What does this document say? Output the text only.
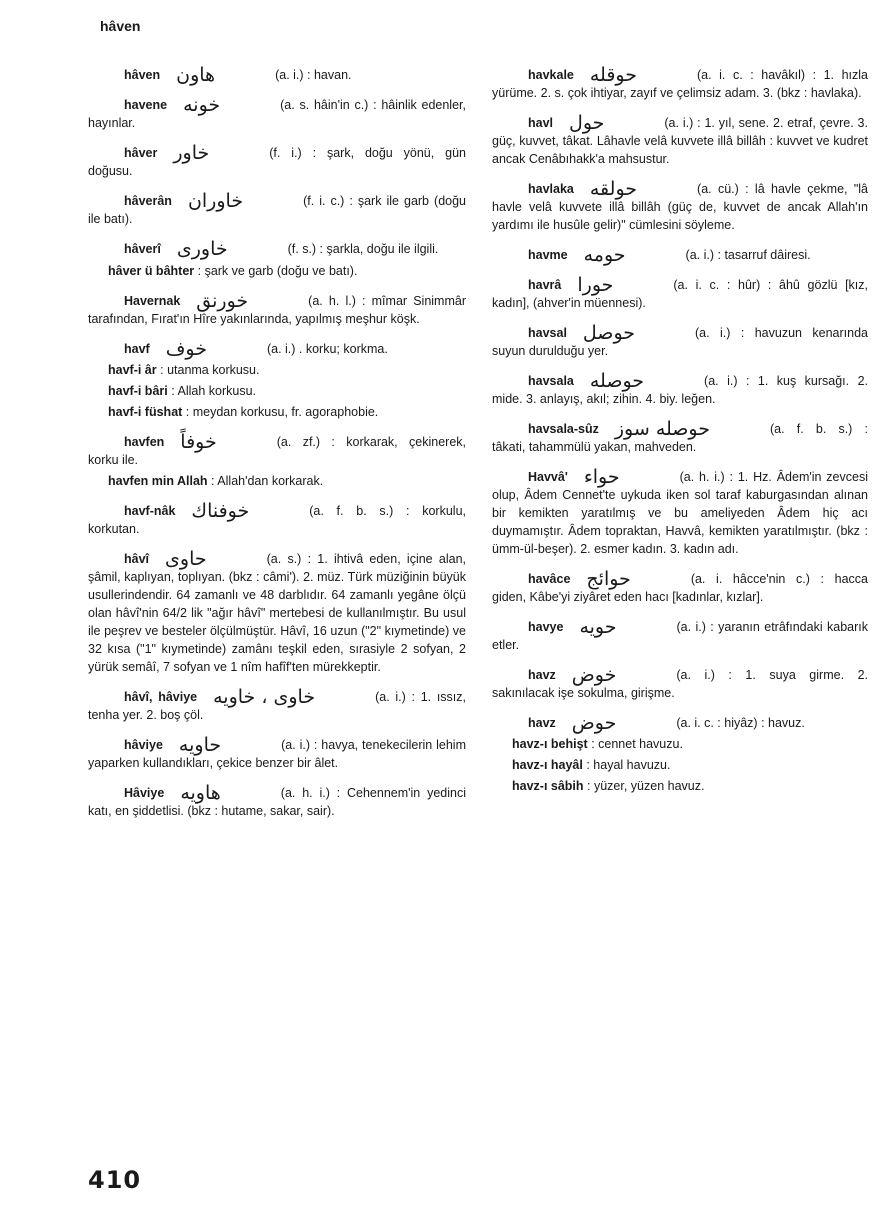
hâven
hâven هاون	(a. i.) : havan.
havene خونه	(a. s. hâin'in c.) : hâinlik edenler, hayınlar.
hâver خاور	(f. i.) : şark, doğu yönü, gün doğusu.
hâverân خاوران	(f. i. c.) : şark ile garb (doğu ile batı).
hâverî خاورى	(f. s.) : şarkla, doğu ile ilgili.
hâver ü bâhter : şark ve garb (doğu ve batı).
Havernak خورنق	(a. h. l.) : mîmar Sinimmâr tarafından, Fırat'ın Hîre yakınlarında, yapılmış meşhur köşk.
havf خوف	(a. i.) . korku; korkma.
havf-i âr : utanma korkusu.
havf-i bâri : Allah korkusu.
havf-i füshat : meydan korkusu, fr. agoraphobie.
havfen خوفاً	(a. zf.) : korkarak, çekinerek, korku ile.
havfen min Allah : Allah'dan korkarak.
havf-nâk خوفناك	(a. f. b. s.) : korkulu, korkutan.
hâvî حاوى	(a. s.) : 1. ihtivâ eden, içine alan, şâmil, kaplıyan, toplıyan. (bkz : câmi'). 2. müz. Türk müziğinin büyük usullerindendir. 64 zamanlı ve 48 darblıdır. 64 zamanlı yegâne ölçü olan hâvî'nin 64/2 lik "ağır hâvî" mertebesi de kullanılmıştır. Bu usul ile peşrev ve besteler ölçülmüştür. Hâvî, 16 uzun ("2" kıymetinde) ve 32 kısa ("1" kıymetinde) zamânı teşkil eden, sırasiyle 2 sofyan, 2 yürük semâî, 7 sofyan ve 1 nîm hafîf'ten mürekkeptir.
hâvî, hâviye خاوى ، خاويه	(a. i.) : 1. ıssız, tenha yer. 2. boş çöl.
hâviye حاويه	(a. i.) : havya, tenekecilerin lehim yaparken kullandıkları, çekice benzer bir âlet.
Hâviye هاويه	(a. h. i.) : Cehennem'in yedinci katı, en şiddetlisi. (bkz : hutame, sakar, sair).
havkale حوقله	(a. i. c. : havâkıl) : 1. hızla yürüme. 2. s. çok ihtiyar, zayıf ve çelimsiz adam. 3. (bkz : havlaka).
havl حول	(a. i.) : 1. yıl, sene. 2. etraf, çevre. 3. güç, kuvvet, tâkat. Lâhavle velâ kuvvete illâ billâh : kuvvet ve kudret ancak Cenâbıhakk'a mahsustur.
havlaka حولقه	(a. cü.) : lâ havle çekme, "lâ havle velâ kuvvete illâ billâh (güç de, kuvvet de ancak Allah'ın yardımı ile husûle gelir)" cümlesini söyleme.
havme حومه	(a. i.) : tasarruf dâiresi.
havrâ حورا	(a. i. c. : hûr) : âhû gözlü [kız, kadın], (ahver'in müennesi).
havsal حوصل	(a. i.) : havuzun kenarında suyun durulduğu yer.
havsala حوصله	(a. i.) : 1. kuş kursağı. 2. mide. 3. anlayış, akıl; zihin. 4. biy. leğen.
havsala-sûz حوصله سوز	(a. f. b. s.) : tâkati, tahammülü yakan, mahveden.
Havvâ' حواء	(a. h. i.) : 1. Hz. Âdem'in zevcesi olup, Âdem Cennet'te uykuda iken sol taraf kaburgasından alınan bir kemikten yaratılmış ve bu ameliyeden Âdem hiç acı duymamıştır. Âdem topraktan, Havvâ, kemikten yaratılmıştır. (bkz : ümm-ül-beşer). 2. esmer kadın. 3. kadın adı.
havâce حوائج	(a. i. hâcce'nin c.) : hacca giden, Kâbe'yi ziyâret eden hacı [kadınlar, kızlar].
havye حويه	(a. i.) : yaranın etrâfındaki kabarık etler.
havz خوض	(a. i.) : 1. suya girme. 2. sakınılacak işe sokulma, girişme.
havz حوض	(a. i. c. : hiyâz) : havuz.
havz-ı behişt : cennet havuzu.
havz-ı hayâl : hayal havuzu.
havz-ı sâbih : yüzer, yüzen havuz.
410
